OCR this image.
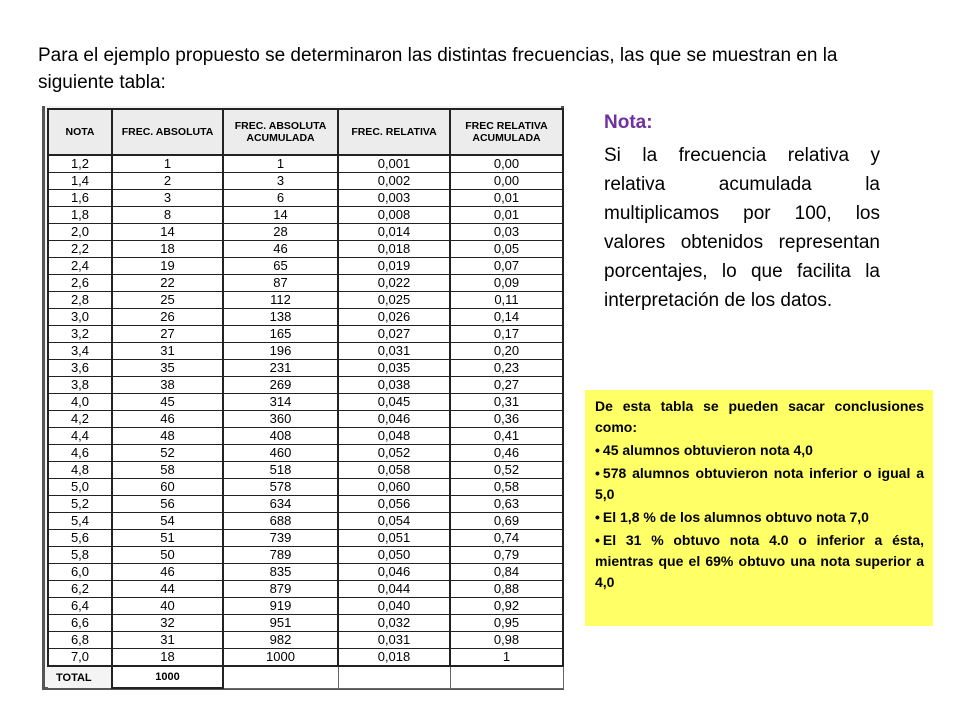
Para el ejemplo propuesto se determinaron las distintas frecuencias, las que se muestran en la siguiente tabla:

NOTA	FREC. ABSOLUTA	FREC. ABSOLUTA ACUMULADA	FREC. RELATIVA	FREC RELATIVA ACUMULADA
1,2	1	1	0,001	0,00
1,4	2	3	0,002	0,00
1,6	3	6	0,003	0,01
1,8	8	14	0,008	0,01
2,0	14	28	0,014	0,03
2,2	18	46	0,018	0,05
2,4	19	65	0,019	0,07
2,6	22	87	0,022	0,09
2,8	25	112	0,025	0,11
3,0	26	138	0,026	0,14
3,2	27	165	0,027	0,17
3,4	31	196	0,031	0,20
3,6	35	231	0,035	0,23
3,8	38	269	0,038	0,27
4,0	45	314	0,045	0,31
4,2	46	360	0,046	0,36
4,4	48	408	0,048	0,41
4,6	52	460	0,052	0,46
4,8	58	518	0,058	0,52
5,0	60	578	0,060	0,58
5,2	56	634	0,056	0,63
5,4	54	688	0,054	0,69
5,6	51	739	0,051	0,74
5,8	50	789	0,050	0,79
6,0	46	835	0,046	0,84
6,2	44	879	0,044	0,88
6,4	40	919	0,040	0,92
6,6	32	951	0,032	0,95
6,8	31	982	0,031	0,98
7,0	18	1000	0,018	1
TOTAL	1000			

Nota:

Si la frecuencia relativa y relativa acumulada la multiplicamos por 100, los valores obtenidos representan porcentajes, lo que facilita la interpretación de los datos.

De esta tabla se pueden sacar conclusiones como:

• 45 alumnos obtuvieron nota 4,0
• 578 alumnos obtuvieron nota inferior o igual a 5,0
• El 1,8 % de los alumnos obtuvo nota 7,0
• El 31 % obtuvo nota 4.0 o inferior a ésta, mientras que el 69% obtuvo una nota superior a 4,0
